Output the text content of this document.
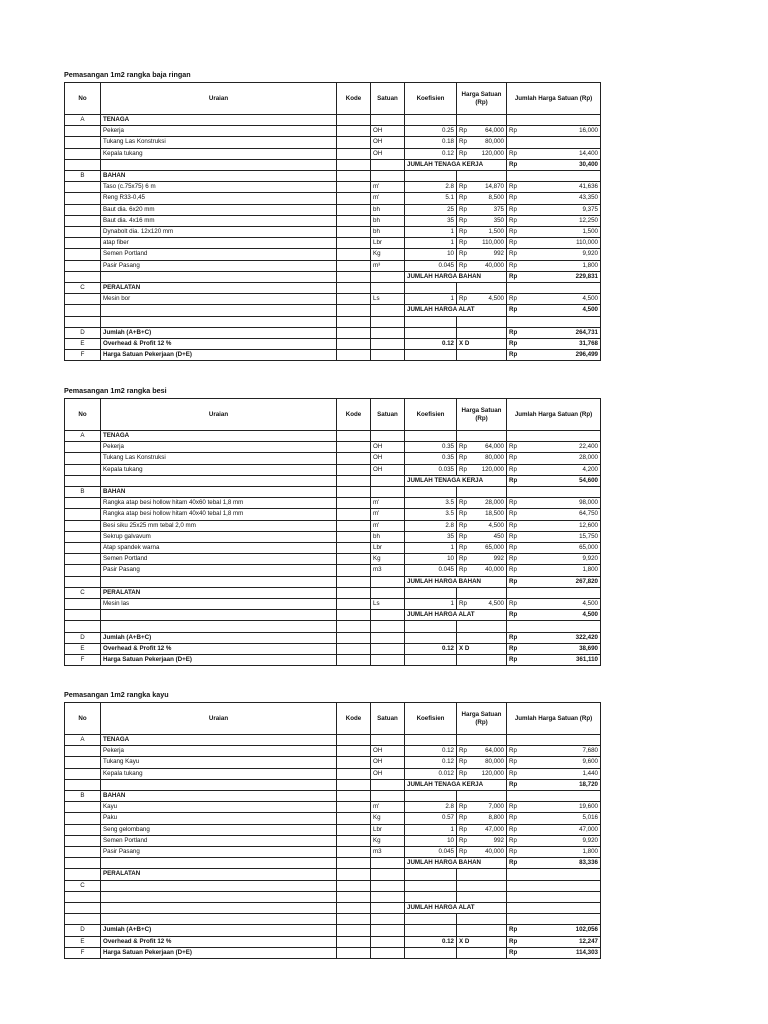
Pemasangan 1m2 rangka baja ringan
No	Uraian	Kode	Satuan	Koefisien	Harga Satuan (Rp)	Jumlah Harga Satuan (Rp)
A	TENAGA					
	Pekerja		OH	0.25	Rp 64,000	Rp 16,000

	Tukang Las Konstruksi		OH	0.18	Rp 80,000	

	Kepala tukang		OH	0.12	Rp 120,000	Rp 14,400

				JUMLAH TENAGA KERJA		Rp 30,400

B	BAHAN					
	Taso (c.75x75) 6 m		m'	2.8	Rp 14,870	Rp 41,636

	Reng R33-0,45		m'	5.1	Rp 8,500	Rp 43,350

	Baut dia. 6x20 mm		bh	25	Rp 375	Rp 9,375

	Baut dia. 4x16 mm		bh	35	Rp 350	Rp 12,250

	Dynabolt dia. 12x120 mm		bh	1	Rp 1,500	Rp 1,500

	atap fiber		Lbr	1	Rp 110,000	Rp 110,000

	Semen Portland		Kg	10	Rp 992	Rp 9,920

	Pasir Pasang		m³	0.045	Rp 40,000	Rp 1,800

				JUMLAH HARGA BAHAN		Rp 229,831

C	PERALATAN					
	Mesin bor		Ls	1	Rp 4,500	Rp 4,500

				JUMLAH HARGA ALAT		Rp 4,500

D	Jumlah (A+B+C)					Rp 264,731

E	Overhead & Profit 12 %			0.12	X D	Rp 31,768

F	Harga Satuan Pekerjaan (D+E)					Rp 296,499
Pemasangan 1m2 rangka besi
No	Uraian	Kode	Satuan	Koefisien	Harga Satuan (Rp)	Jumlah Harga Satuan (Rp)
A	TENAGA					
	Pekerja		OH	0.35	Rp 64,000	Rp 22,400

	Tukang Las Konstruksi		OH	0.35	Rp 80,000	Rp 28,000

	Kepala tukang		OH	0.035	Rp 120,000	Rp 4,200

				JUMLAH TENAGA KERJA		Rp 54,600

B	BAHAN					
	Rangka atap besi hollow hitam 40x60 tebal 1,8 mm		m'	3.5	Rp 28,000	Rp 98,000

	Rangka atap besi hollow hitam 40x40 tebal 1,8 mm		m'	3.5	Rp 18,500	Rp 64,750

	Besi siku 25x25 mm tebal 2,0 mm		m'	2.8	Rp 4,500	Rp 12,600

	Sekrup galvavum		bh	35	Rp 450	Rp 15,750

	Atap spandek warna		Lbr	1	Rp 65,000	Rp 65,000

	Semen Portland		Kg	10	Rp 992	Rp 9,920

	Pasir Pasang		m3	0.045	Rp 40,000	Rp 1,800

				JUMLAH HARGA BAHAN		Rp 267,820

C	PERALATAN					
	Mesin las		Ls	1	Rp 4,500	Rp 4,500

				JUMLAH HARGA ALAT		Rp 4,500

D	Jumlah (A+B+C)					Rp 322,420

E	Overhead & Profit 12 %			0.12	X D	Rp 38,690

F	Harga Satuan Pekerjaan (D+E)					Rp 361,110
Pemasangan 1m2 rangka kayu
No	Uraian	Kode	Satuan	Koefisien	Harga Satuan (Rp)	Jumlah Harga Satuan (Rp)
A	TENAGA					
	Pekerja		OH	0.12	Rp 64,000	Rp 7,680

	Tukang Kayu		OH	0.12	Rp 80,000	Rp 9,600

	Kepala tukang		OH	0.012	Rp 120,000	Rp 1,440

				JUMLAH TENAGA KERJA		Rp 18,720

B	BAHAN					
	Kayu		m'	2.8	Rp 7,000	Rp 19,600

	Paku		Kg	0.57	Rp 8,800	Rp 5,016

	Seng gelombang		Lbr	1	Rp 47,000	Rp 47,000

	Semen Portland		Kg	10	Rp 992	Rp 9,920

	Pasir Pasang		m3	0.045	Rp 40,000	Rp 1,800

				JUMLAH HARGA BAHAN		Rp 83,336

	PERALATAN					
C						

				JUMLAH HARGA ALAT		

D	Jumlah (A+B+C)					Rp 102,056

E	Overhead & Profit 12 %			0.12	X D	Rp 12,247

F	Harga Satuan Pekerjaan (D+E)					Rp 114,303
